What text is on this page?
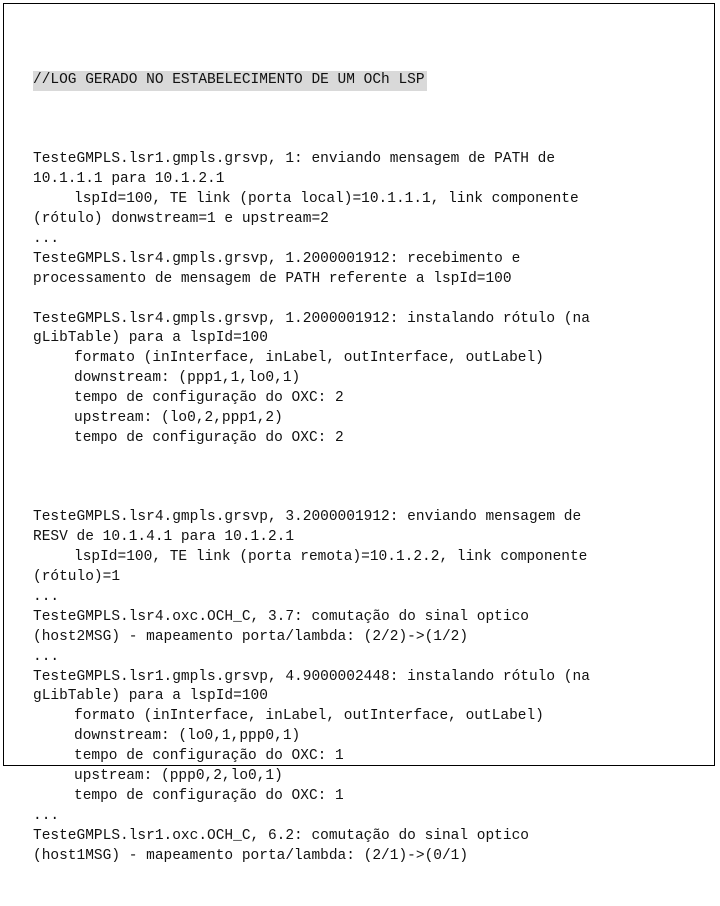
//LOG GERADO NO ESTABELECIMENTO DE UM OCh LSP

TesteGMPLS.lsr1.gmpls.grsvp, 1: enviando mensagem de PATH de
10.1.1.1 para 10.1.2.1
lspId=100, TE link (porta local)=10.1.1.1, link componente
(rótulo) donwstream=1 e upstream=2
...
TesteGMPLS.lsr4.gmpls.grsvp, 1.2000001912: recebimento e
processamento de mensagem de PATH referente a lspId=100
TesteGMPLS.lsr4.gmpls.grsvp, 1.2000001912: instalando rótulo (na
gLibTable) para a lspId=100
formato (inInterface, inLabel, outInterface, outLabel)
downstream: (ppp1,1,lo0,1)
tempo de configuração do OXC: 2
upstream: (lo0,2,ppp1,2)
tempo de configuração do OXC: 2
TesteGMPLS.lsr4.gmpls.grsvp, 3.2000001912: enviando mensagem de
RESV de 10.1.4.1 para 10.1.2.1
lspId=100, TE link (porta remota)=10.1.2.2, link componente
(rótulo)=1
...
TesteGMPLS.lsr4.oxc.OCH_C, 3.7: comutação do sinal optico
(host2MSG) - mapeamento porta/lambda: (2/2)->(1/2)
...
TesteGMPLS.lsr1.gmpls.grsvp, 4.9000002448: instalando rótulo (na
gLibTable) para a lspId=100
formato (inInterface, inLabel, outInterface, outLabel)
downstream: (lo0,1,ppp0,1)
tempo de configuração do OXC: 1
upstream: (ppp0,2,lo0,1)
tempo de configuração do OXC: 1
...
TesteGMPLS.lsr1.oxc.OCH_C, 6.2: comutação do sinal optico
(host1MSG) - mapeamento porta/lambda: (2/1)->(0/1)
